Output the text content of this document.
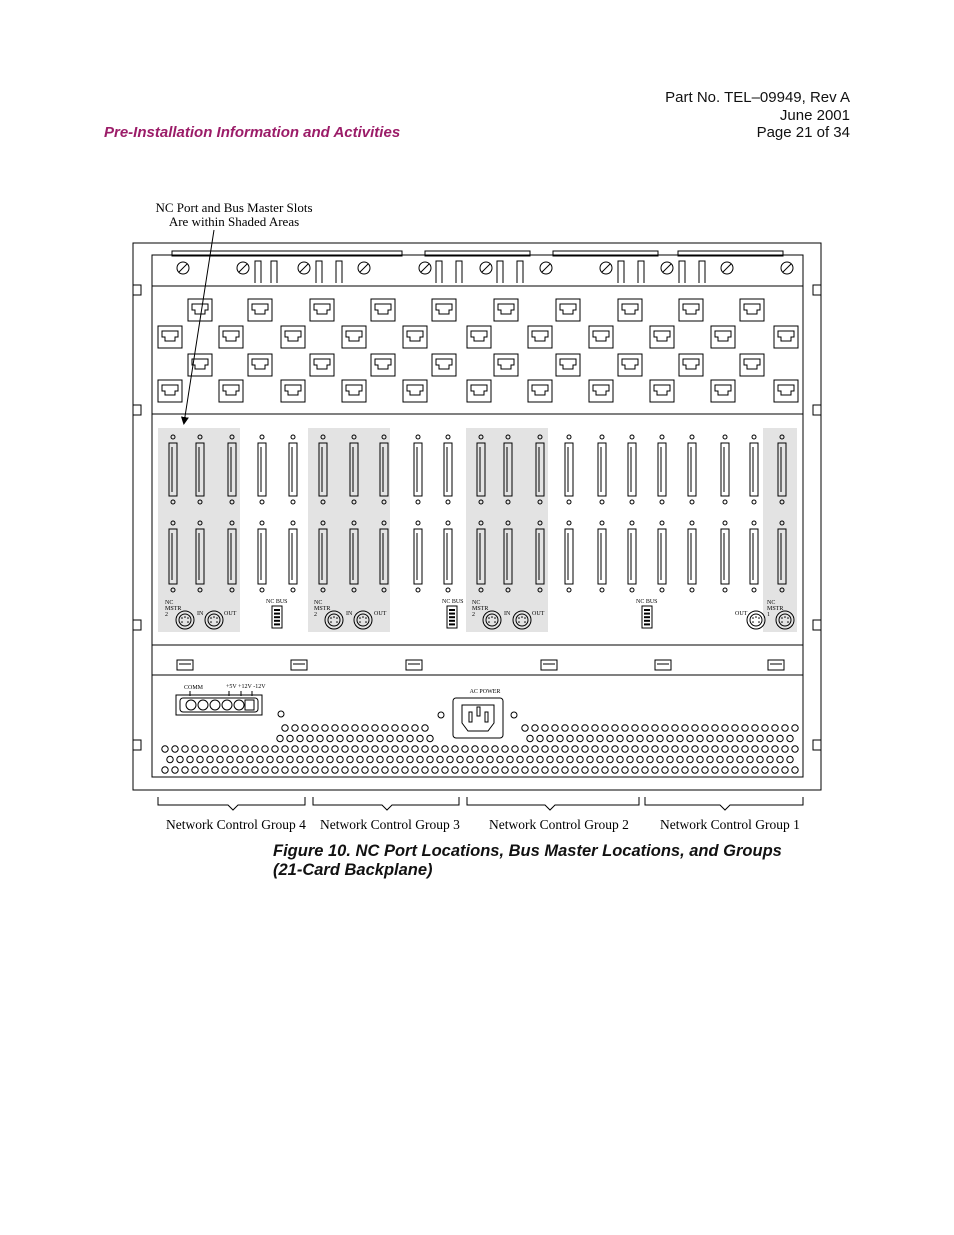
Part No. TEL–09949, Rev A
June 2001
Page 21 of 34
Pre-Installation Information and Activities
NC Port and Bus Master Slots
Are within Shaded Areas
NC
MSTR
2	IN	OUT
NC BUS	NC
MSTR
2	IN	OUT
NC BUS NC
MSTR
2	IN	OUT
NC BUS
OUT
NC
MSTR
1
COMM	+5V +12V -12V
AC POWER
Network Control Group 4 Network Control Group 3 Network Control Group 2 Network Control Group 1
Figure 10. NC Port Locations, Bus Master Locations, and Groups
(21-Card Backplane)
